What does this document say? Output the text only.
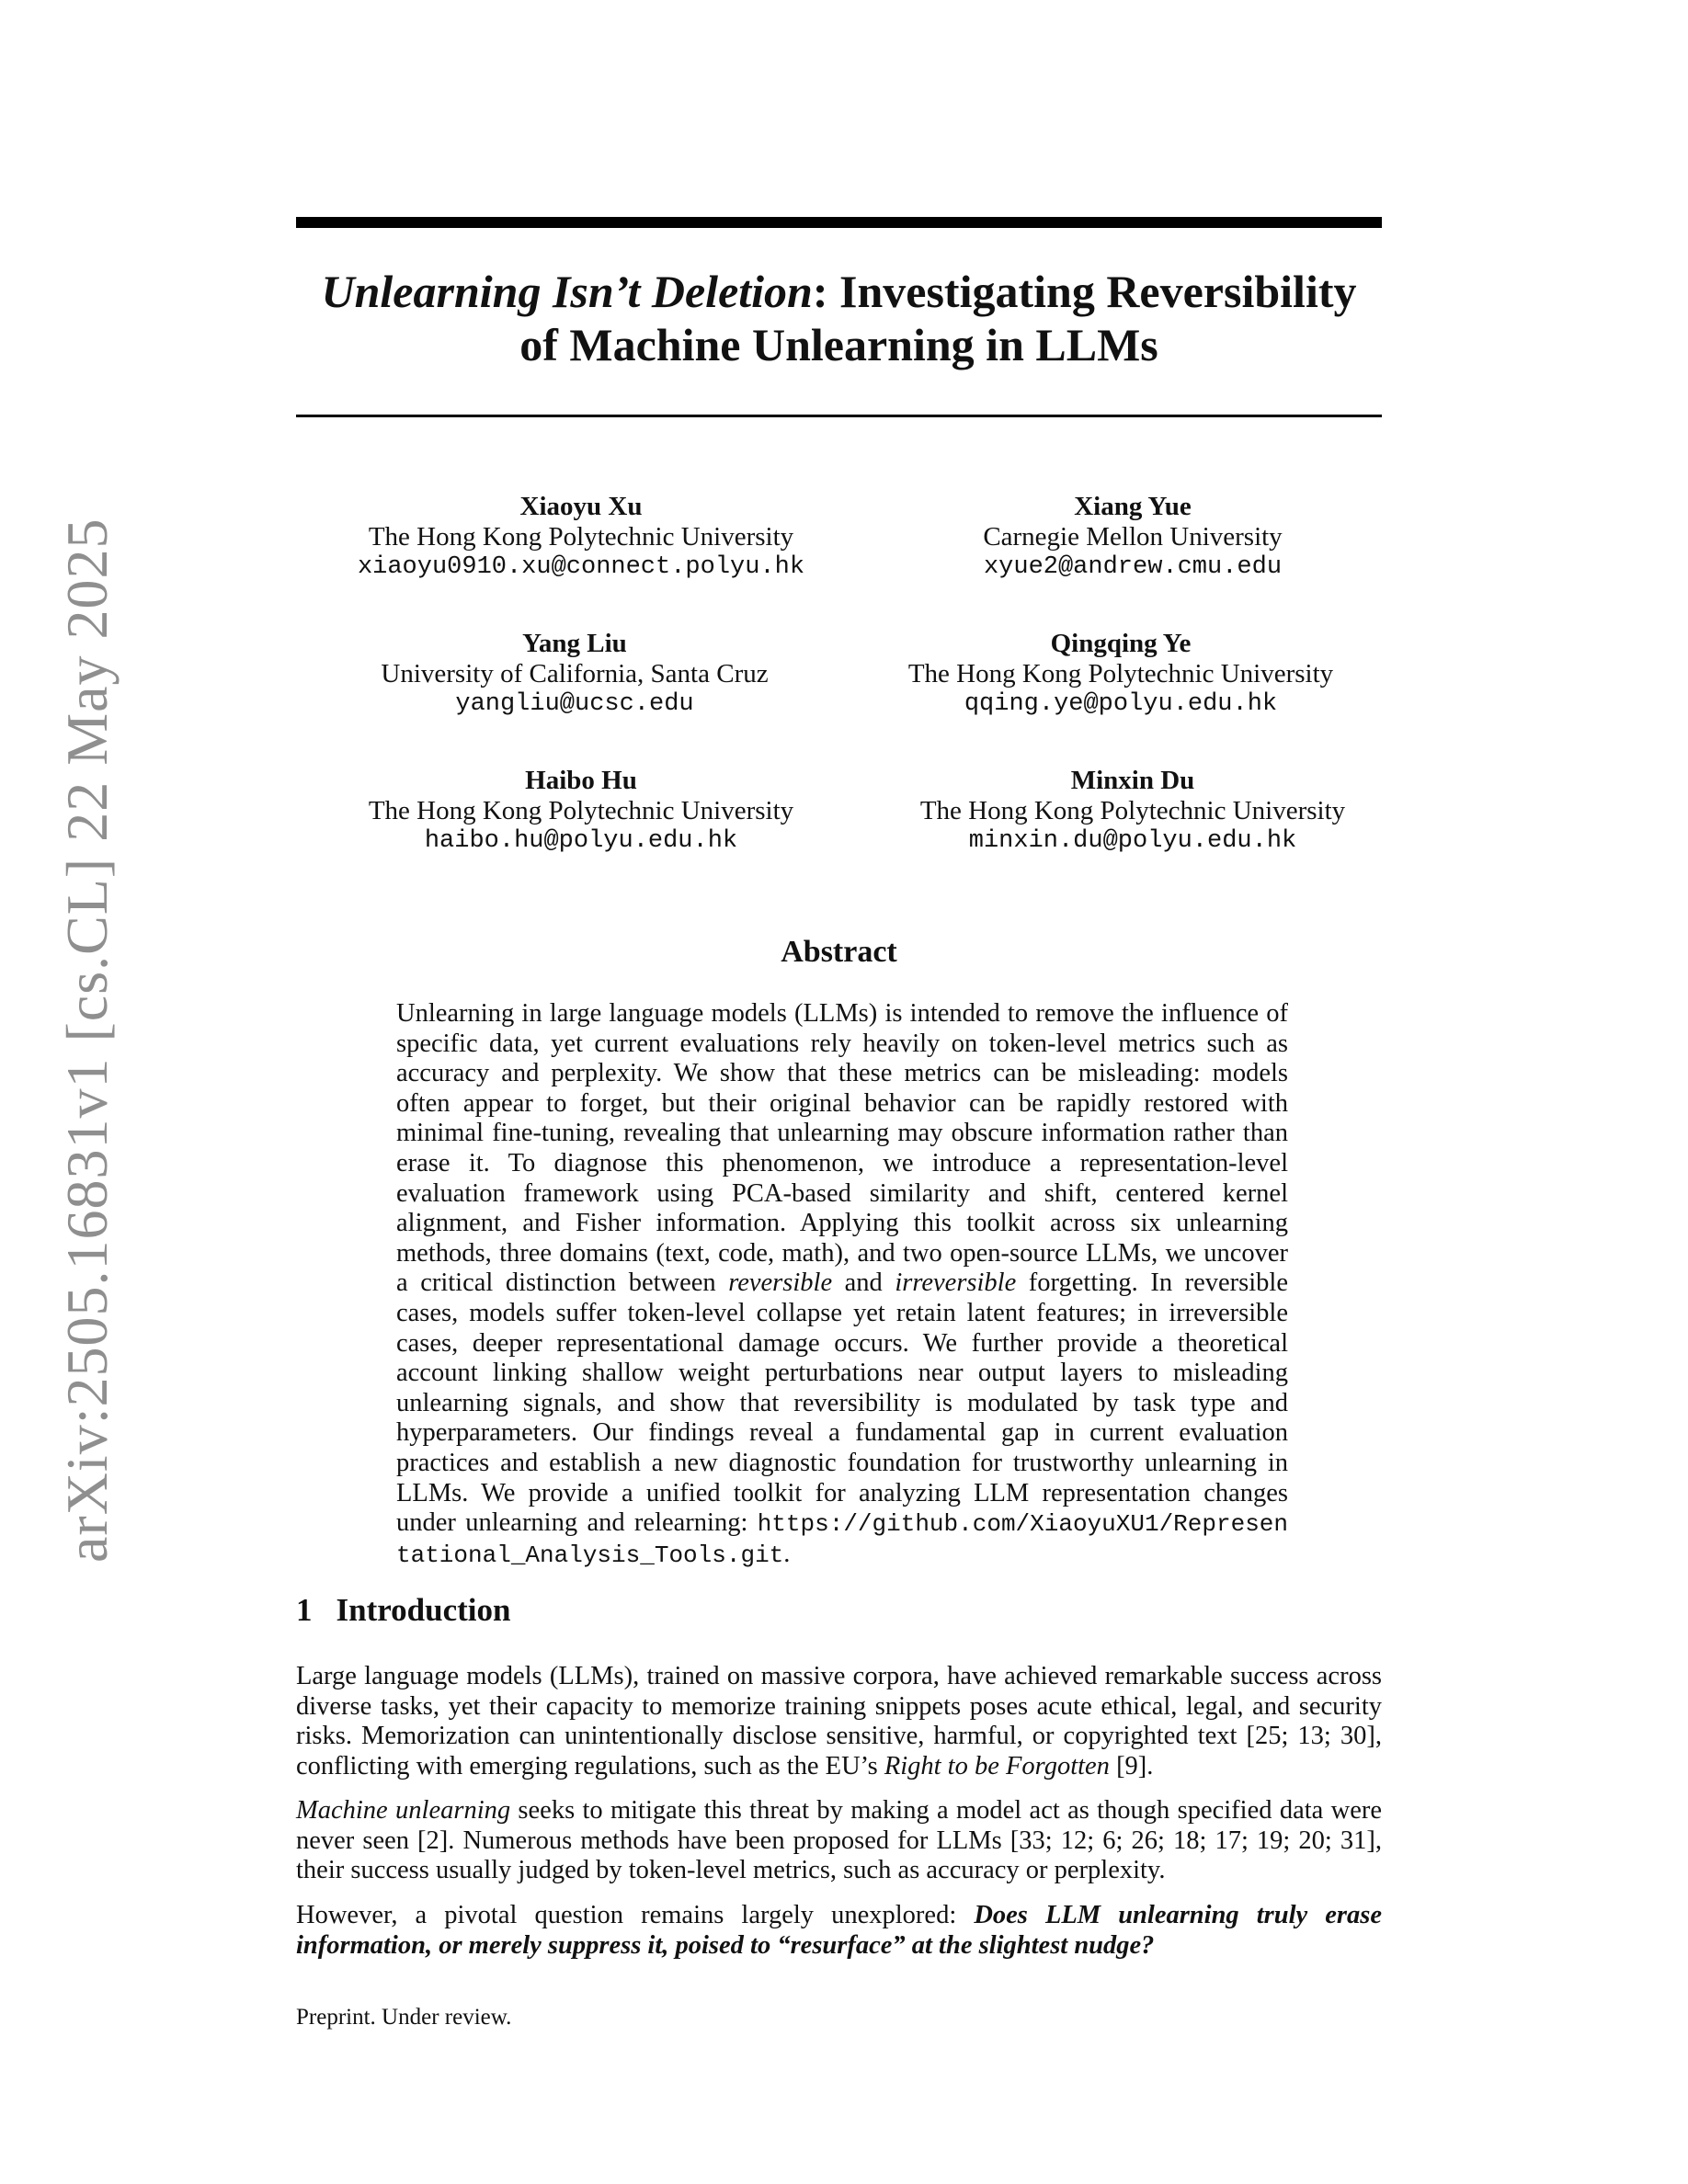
arXiv:2505.16831v1 [cs.CL] 22 May 2025
Unlearning Isn’t Deletion: Investigating Reversibility
of Machine Unlearning in LLMs
Xiaoyu Xu
The Hong Kong Polytechnic University
xiaoyu0910.xu@connect.polyu.hk
Xiang Yue
Carnegie Mellon University
xyue2@andrew.cmu.edu
Yang Liu
University of California, Santa Cruz
yangliu@ucsc.edu
Qingqing Ye
The Hong Kong Polytechnic University
qqing.ye@polyu.edu.hk
Haibo Hu
The Hong Kong Polytechnic University
haibo.hu@polyu.edu.hk
Minxin Du
The Hong Kong Polytechnic University
minxin.du@polyu.edu.hk
Abstract
Unlearning in large language models (LLMs) is intended to remove the influence of specific data, yet current evaluations rely heavily on token-level metrics such as accuracy and perplexity. We show that these metrics can be misleading: models often appear to forget, but their original behavior can be rapidly restored with minimal fine-tuning, revealing that unlearning may obscure information rather than erase it. To diagnose this phenomenon, we introduce a representation-level evaluation framework using PCA-based similarity and shift, centered kernel alignment, and Fisher information. Applying this toolkit across six unlearning methods, three domains (text, code, math), and two open-source LLMs, we uncover a critical distinction between reversible and irreversible forgetting. In reversible cases, models suffer token-level collapse yet retain latent features; in irreversible cases, deeper representational damage occurs. We further provide a theoretical account linking shallow weight perturbations near output layers to misleading unlearning signals, and show that reversibility is modulated by task type and hyperparameters. Our findings reveal a fundamental gap in current evaluation practices and establish a new diagnostic foundation for trustworthy unlearning in LLMs. We provide a unified toolkit for analyzing LLM representation changes under unlearning and relearning: https://github.com/XiaoyuXU1/Representational_Analysis_Tools.git.
1 Introduction
Large language models (LLMs), trained on massive corpora, have achieved remarkable success across diverse tasks, yet their capacity to memorize training snippets poses acute ethical, legal, and security risks. Memorization can unintentionally disclose sensitive, harmful, or copyrighted text [25; 13; 30], conflicting with emerging regulations, such as the EU’s Right to be Forgotten [9].
Machine unlearning seeks to mitigate this threat by making a model act as though specified data were never seen [2]. Numerous methods have been proposed for LLMs [33; 12; 6; 26; 18; 17; 19; 20; 31], their success usually judged by token-level metrics, such as accuracy or perplexity.
However, a pivotal question remains largely unexplored: Does LLM unlearning truly erase information, or merely suppress it, poised to “resurface” at the slightest nudge?
Preprint. Under review.
